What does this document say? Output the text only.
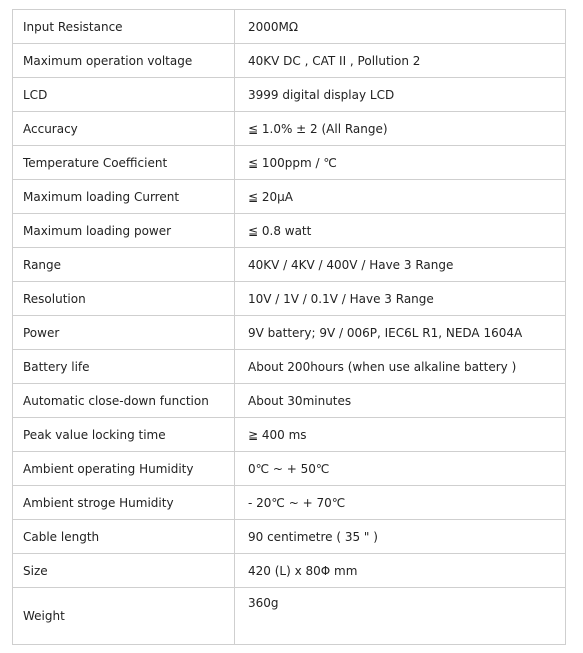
Input Resistance	2000MΩ
Maximum operation voltage	40KV DC , CAT II , Pollution 2
LCD	3999 digital display LCD
Accuracy	≦ 1.0% ± 2 (All Range)
Temperature Coefficient	≦ 100ppm / ℃
Maximum loading Current	≦ 20μA
Maximum loading power	≦ 0.8 watt
Range	40KV / 4KV / 400V / Have 3 Range
Resolution	10V / 1V / 0.1V / Have 3 Range
Power	9V battery; 9V / 006P, IEC6L R1, NEDA 1604A
Battery life	About 200hours (when use alkaline battery )
Automatic close-down function	About 30minutes
Peak value locking time	≧ 400 ms
Ambient operating Humidity	0℃ ~ + 50℃
Ambient stroge Humidity	- 20℃ ~ + 70℃
Cable length	90 centimetre ( 35 " )
Size	420 (L) x 80Φ mm
Weight	360g
